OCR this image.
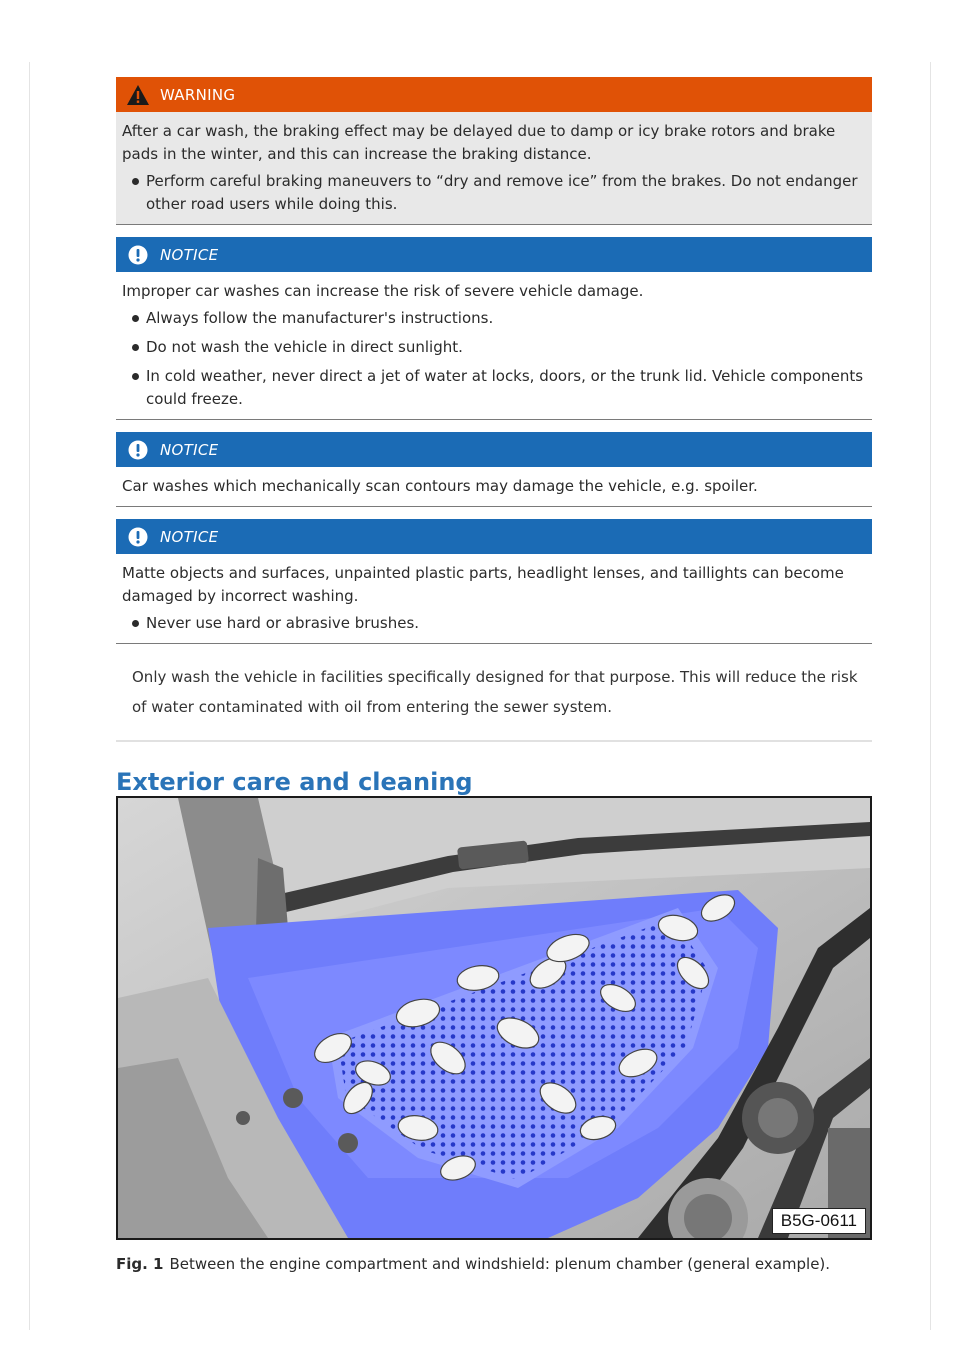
WARNING

After a car wash, the braking effect may be delayed due to damp or icy brake rotors and brake pads in the winter, and this can increase the braking distance.

Perform careful braking maneuvers to “dry and remove ice” from the brakes. Do not endanger other road users while doing this.
NOTICE

Improper car washes can increase the risk of severe vehicle damage.

Always follow the manufacturer's instructions.
Do not wash the vehicle in direct sunlight.
In cold weather, never direct a jet of water at locks, doors, or the trunk lid. Vehicle components could freeze.
NOTICE

Car washes which mechanically scan contours may damage the vehicle, e.g. spoiler.

NOTICE

Matte objects and surfaces, unpainted plastic parts, headlight lenses, and taillights can become damaged by incorrect washing.

Never use hard or abrasive brushes.

Only wash the vehicle in facilities specifically designed for that purpose. This will reduce the risk of water contaminated with oil from entering the sewer system.

Exterior care and cleaning
B5G-0611
Fig. 1 Between the engine compartment and windshield: plenum chamber (general example).
